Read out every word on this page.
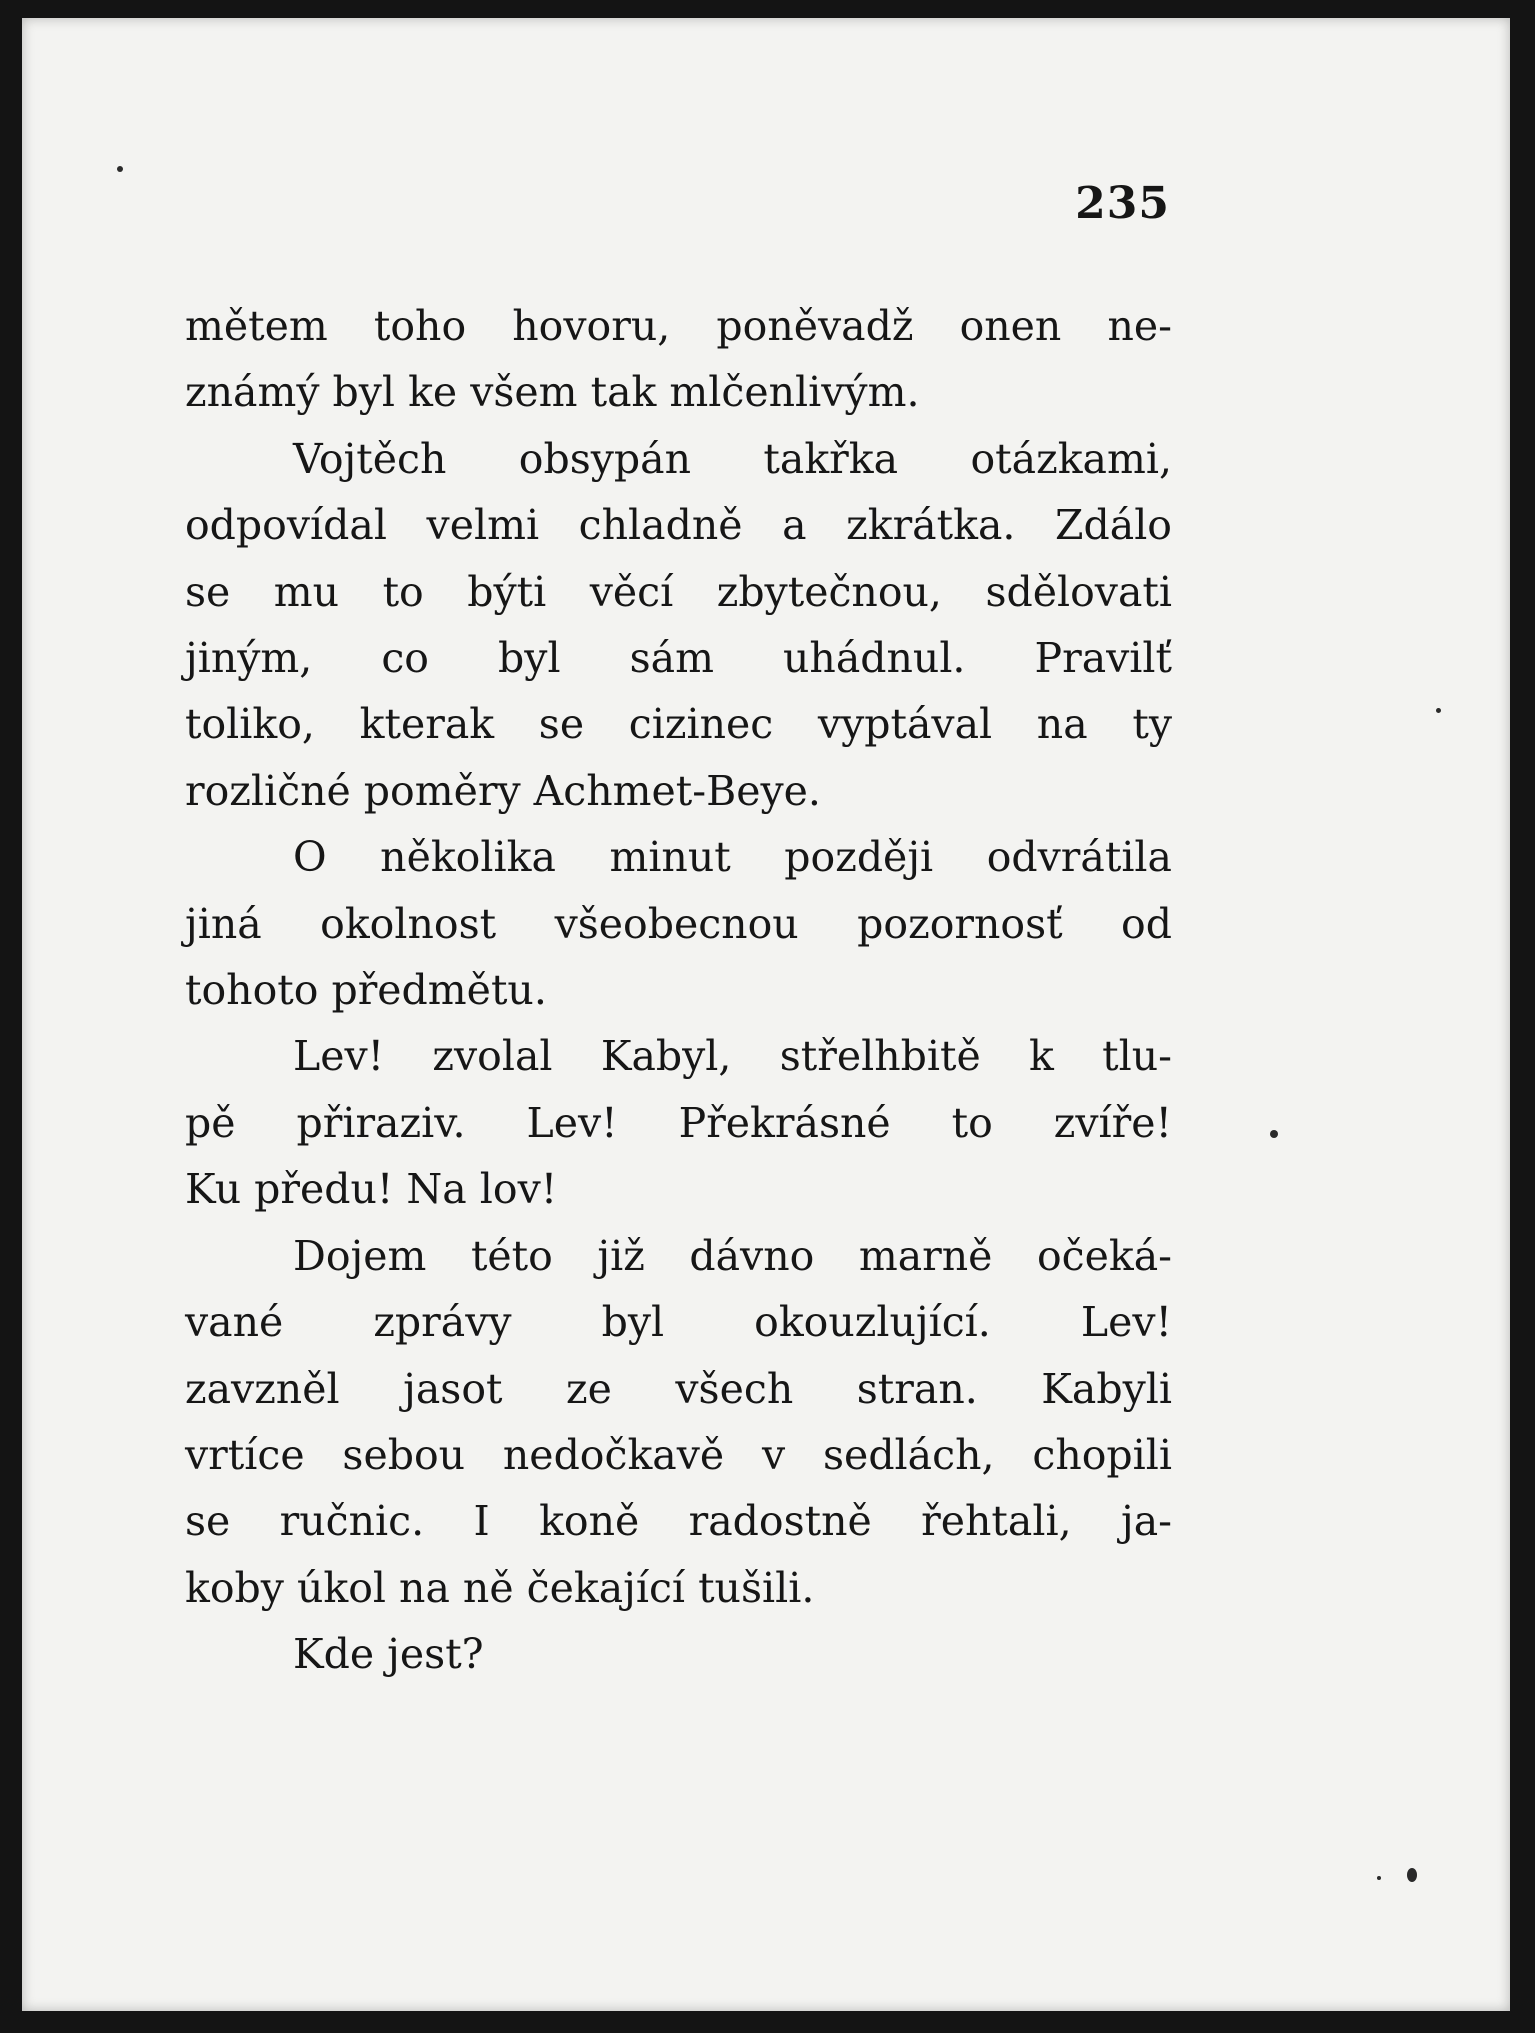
235
mětem toho hovoru, poněvadž onen ne-
známý byl ke všem tak mlčenlivým.
Vojtěch obsypán takřka otázkami,
odpovídal velmi chladně a zkrátka. Zdálo
se mu to býti věcí zbytečnou, sdělovati
jiným, co byl sám uhádnul. Pravilť
toliko, kterak se cizinec vyptával na ty
rozličné poměry Achmet-Beye.
O několika minut později odvrátila
jiná okolnost všeobecnou pozornosť od
tohoto předmětu.
Lev! zvolal Kabyl, střelhbitě k tlu-
pě přiraziv. Lev! Překrásné to zvíře!
Ku předu! Na lov!
Dojem této již dávno marně očeká-
vané zprávy byl okouzlující. Lev!
zavzněl jasot ze všech stran. Kabyli
vrtíce sebou nedočkavě v sedlách, chopili
se ručnic. I koně radostně řehtali, ja-
koby úkol na ně čekající tušili.
Kde jest?
